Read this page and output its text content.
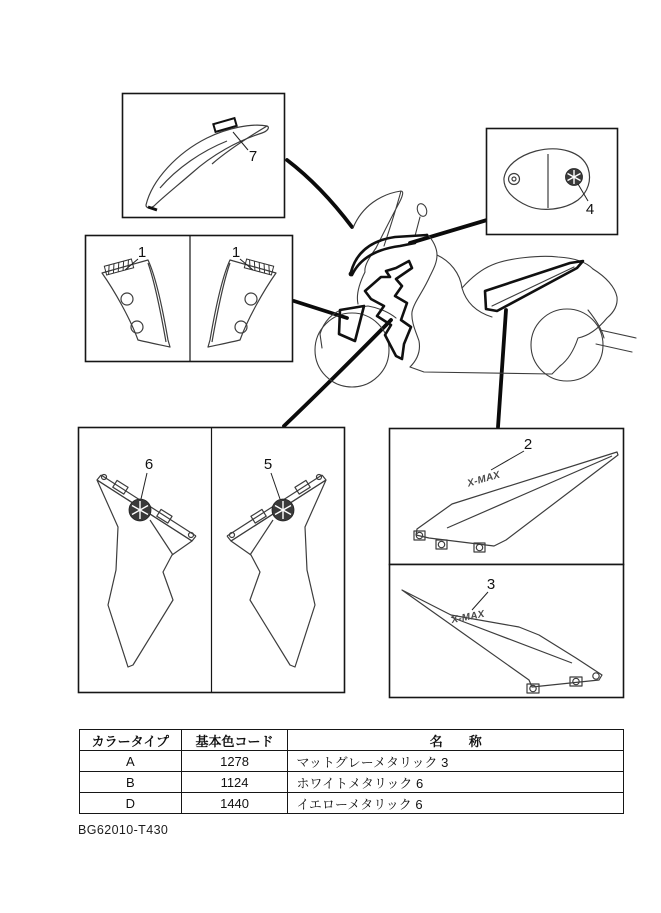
7
1	1
4
6	5
X-MAX
2
X-MAX
3
カラータイプ	基本色コード	名　　称
A	1278	マットグレーメタリック 3
B	1124	ホワイトメタリック 6
D	1440	イエローメタリック 6
BG62010-T430
